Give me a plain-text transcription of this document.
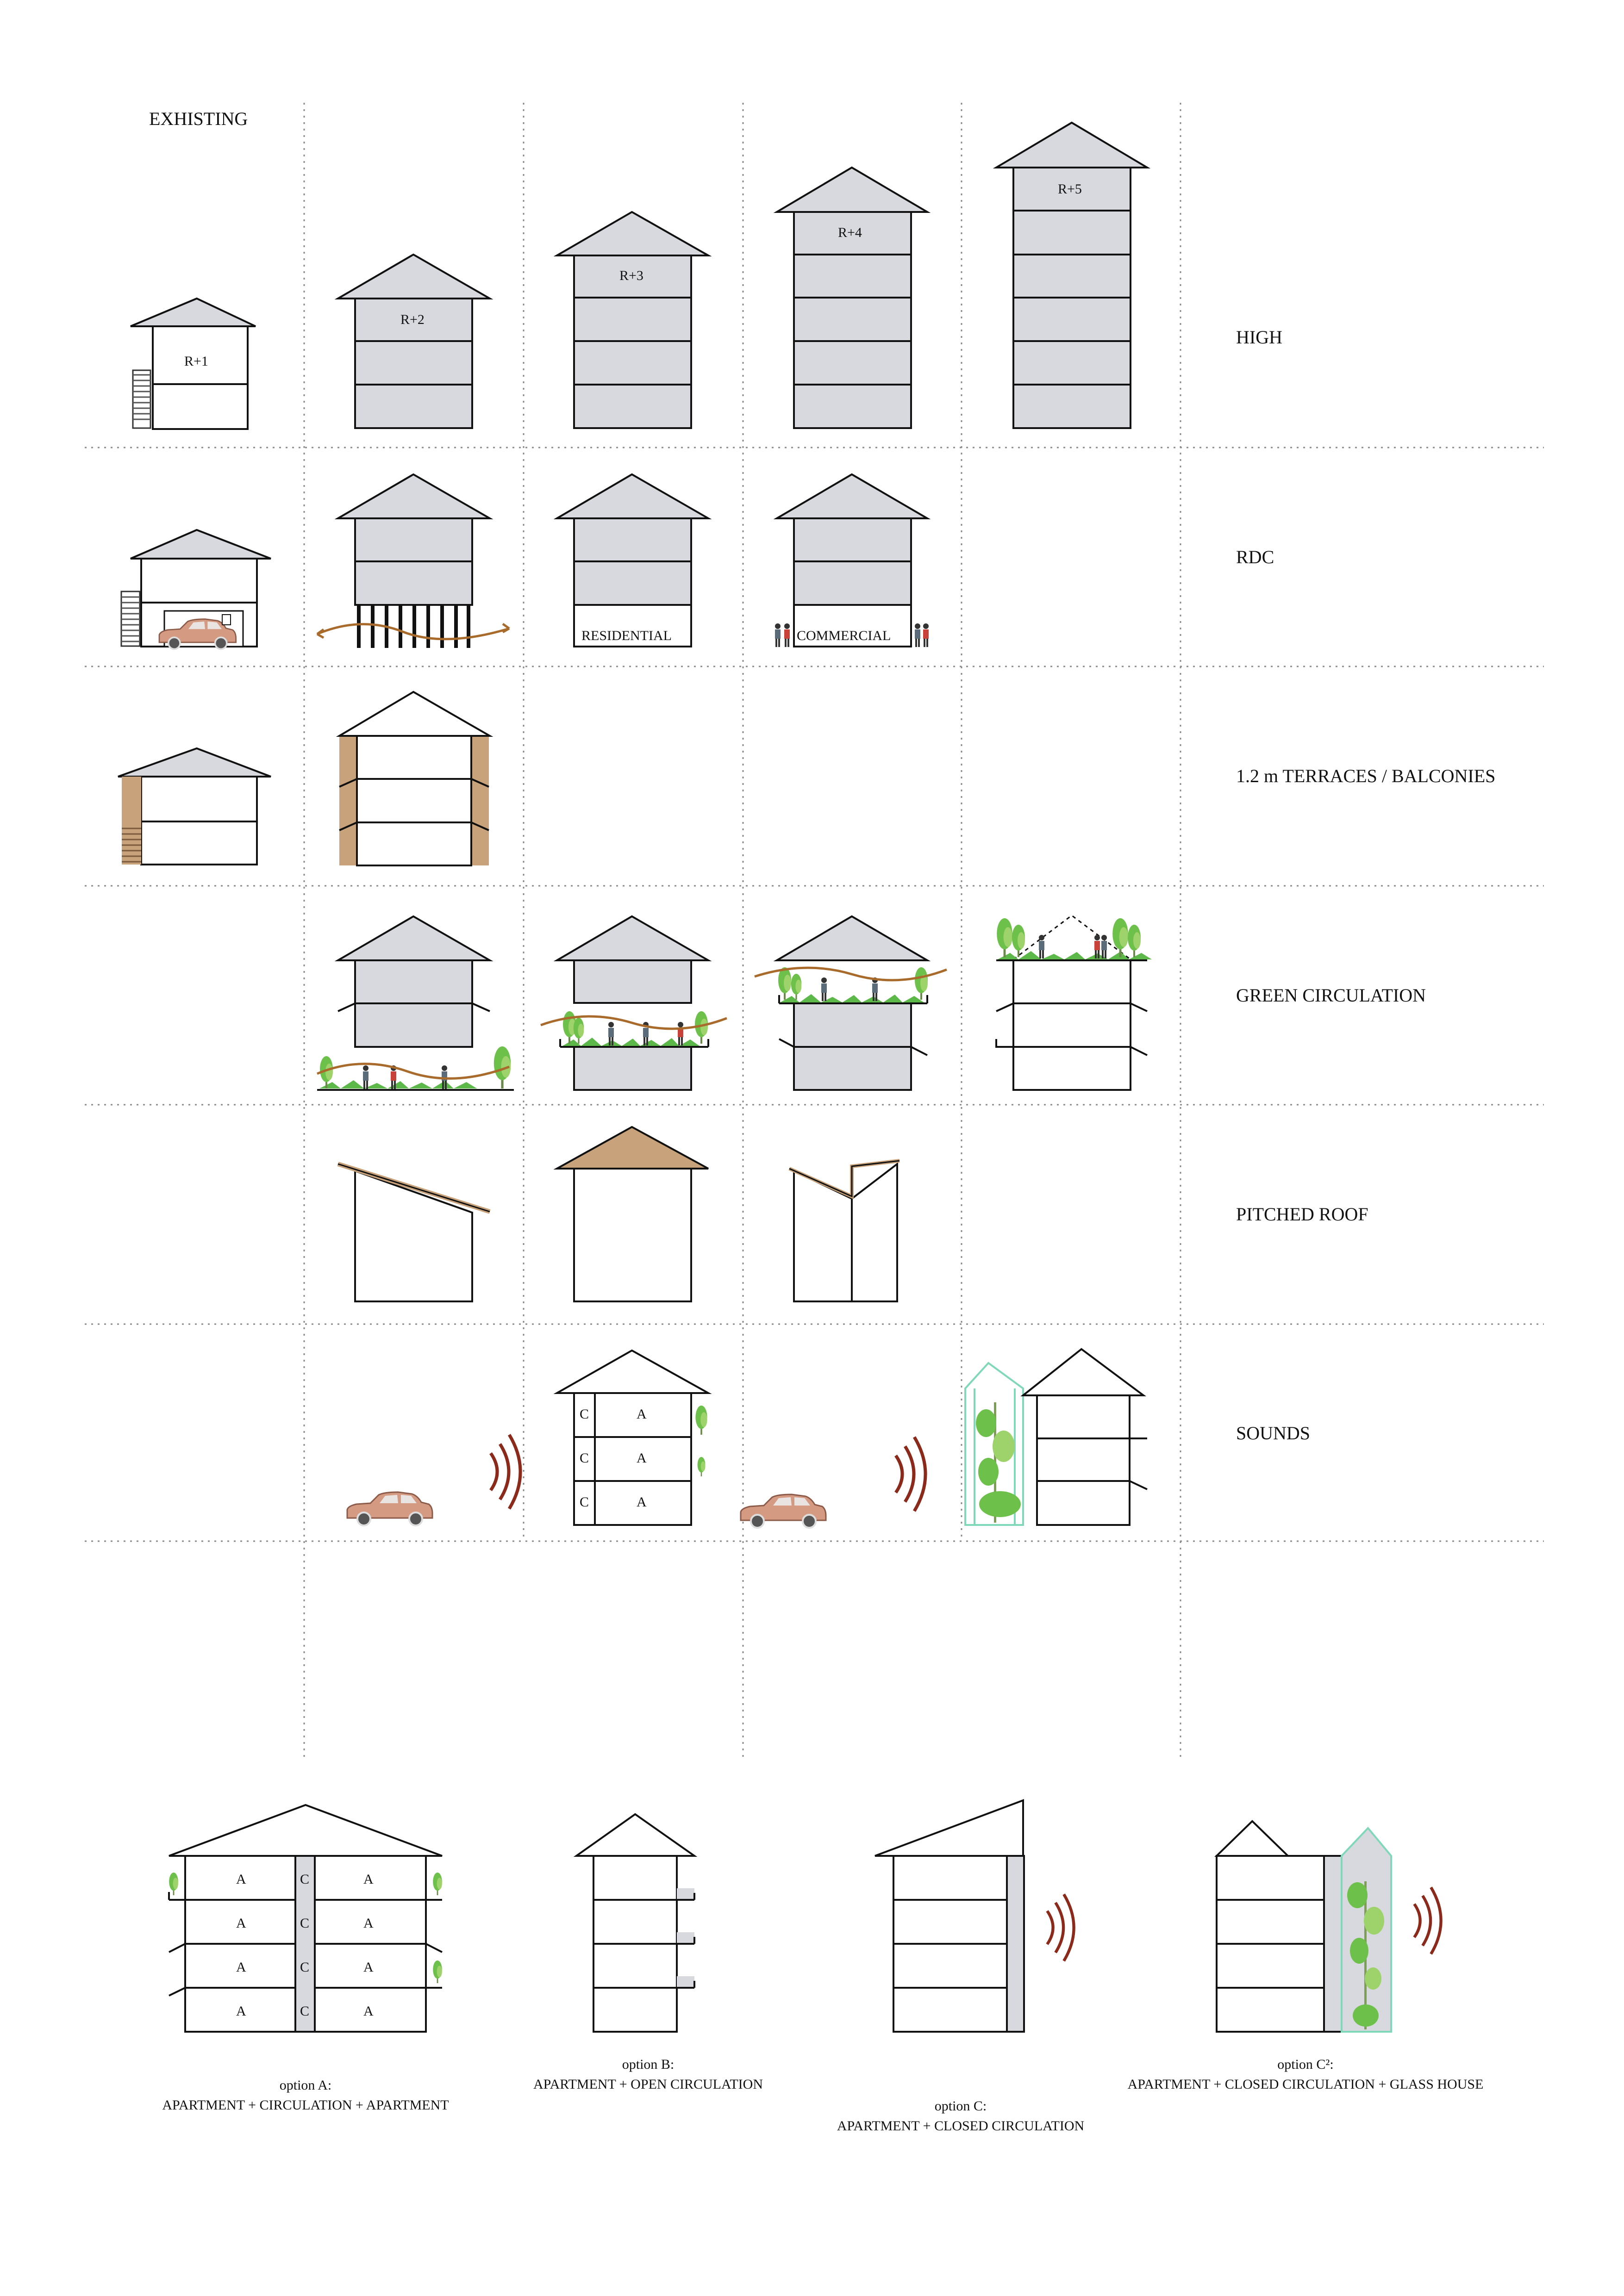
EXHISTING
HIGH
RDC
1.2 m TERRACES / BALCONIES
GREEN CIRCULATION
PITCHED ROOF
SOUNDS
R+1
R+2
R+3
R+4
R+5
RESIDENTIAL	COMMERCIAL
C
C
C
A
A
A
A	C	A
A	C	A
A	C	A
A	C	A
option A:
APARTMENT + CIRCULATION + APARTMENT
option B:
APARTMENT + OPEN CIRCULATION
option C:
APARTMENT + CLOSED CIRCULATION
option C²:
APARTMENT + CLOSED CIRCULATION + GLASS HOUSE
